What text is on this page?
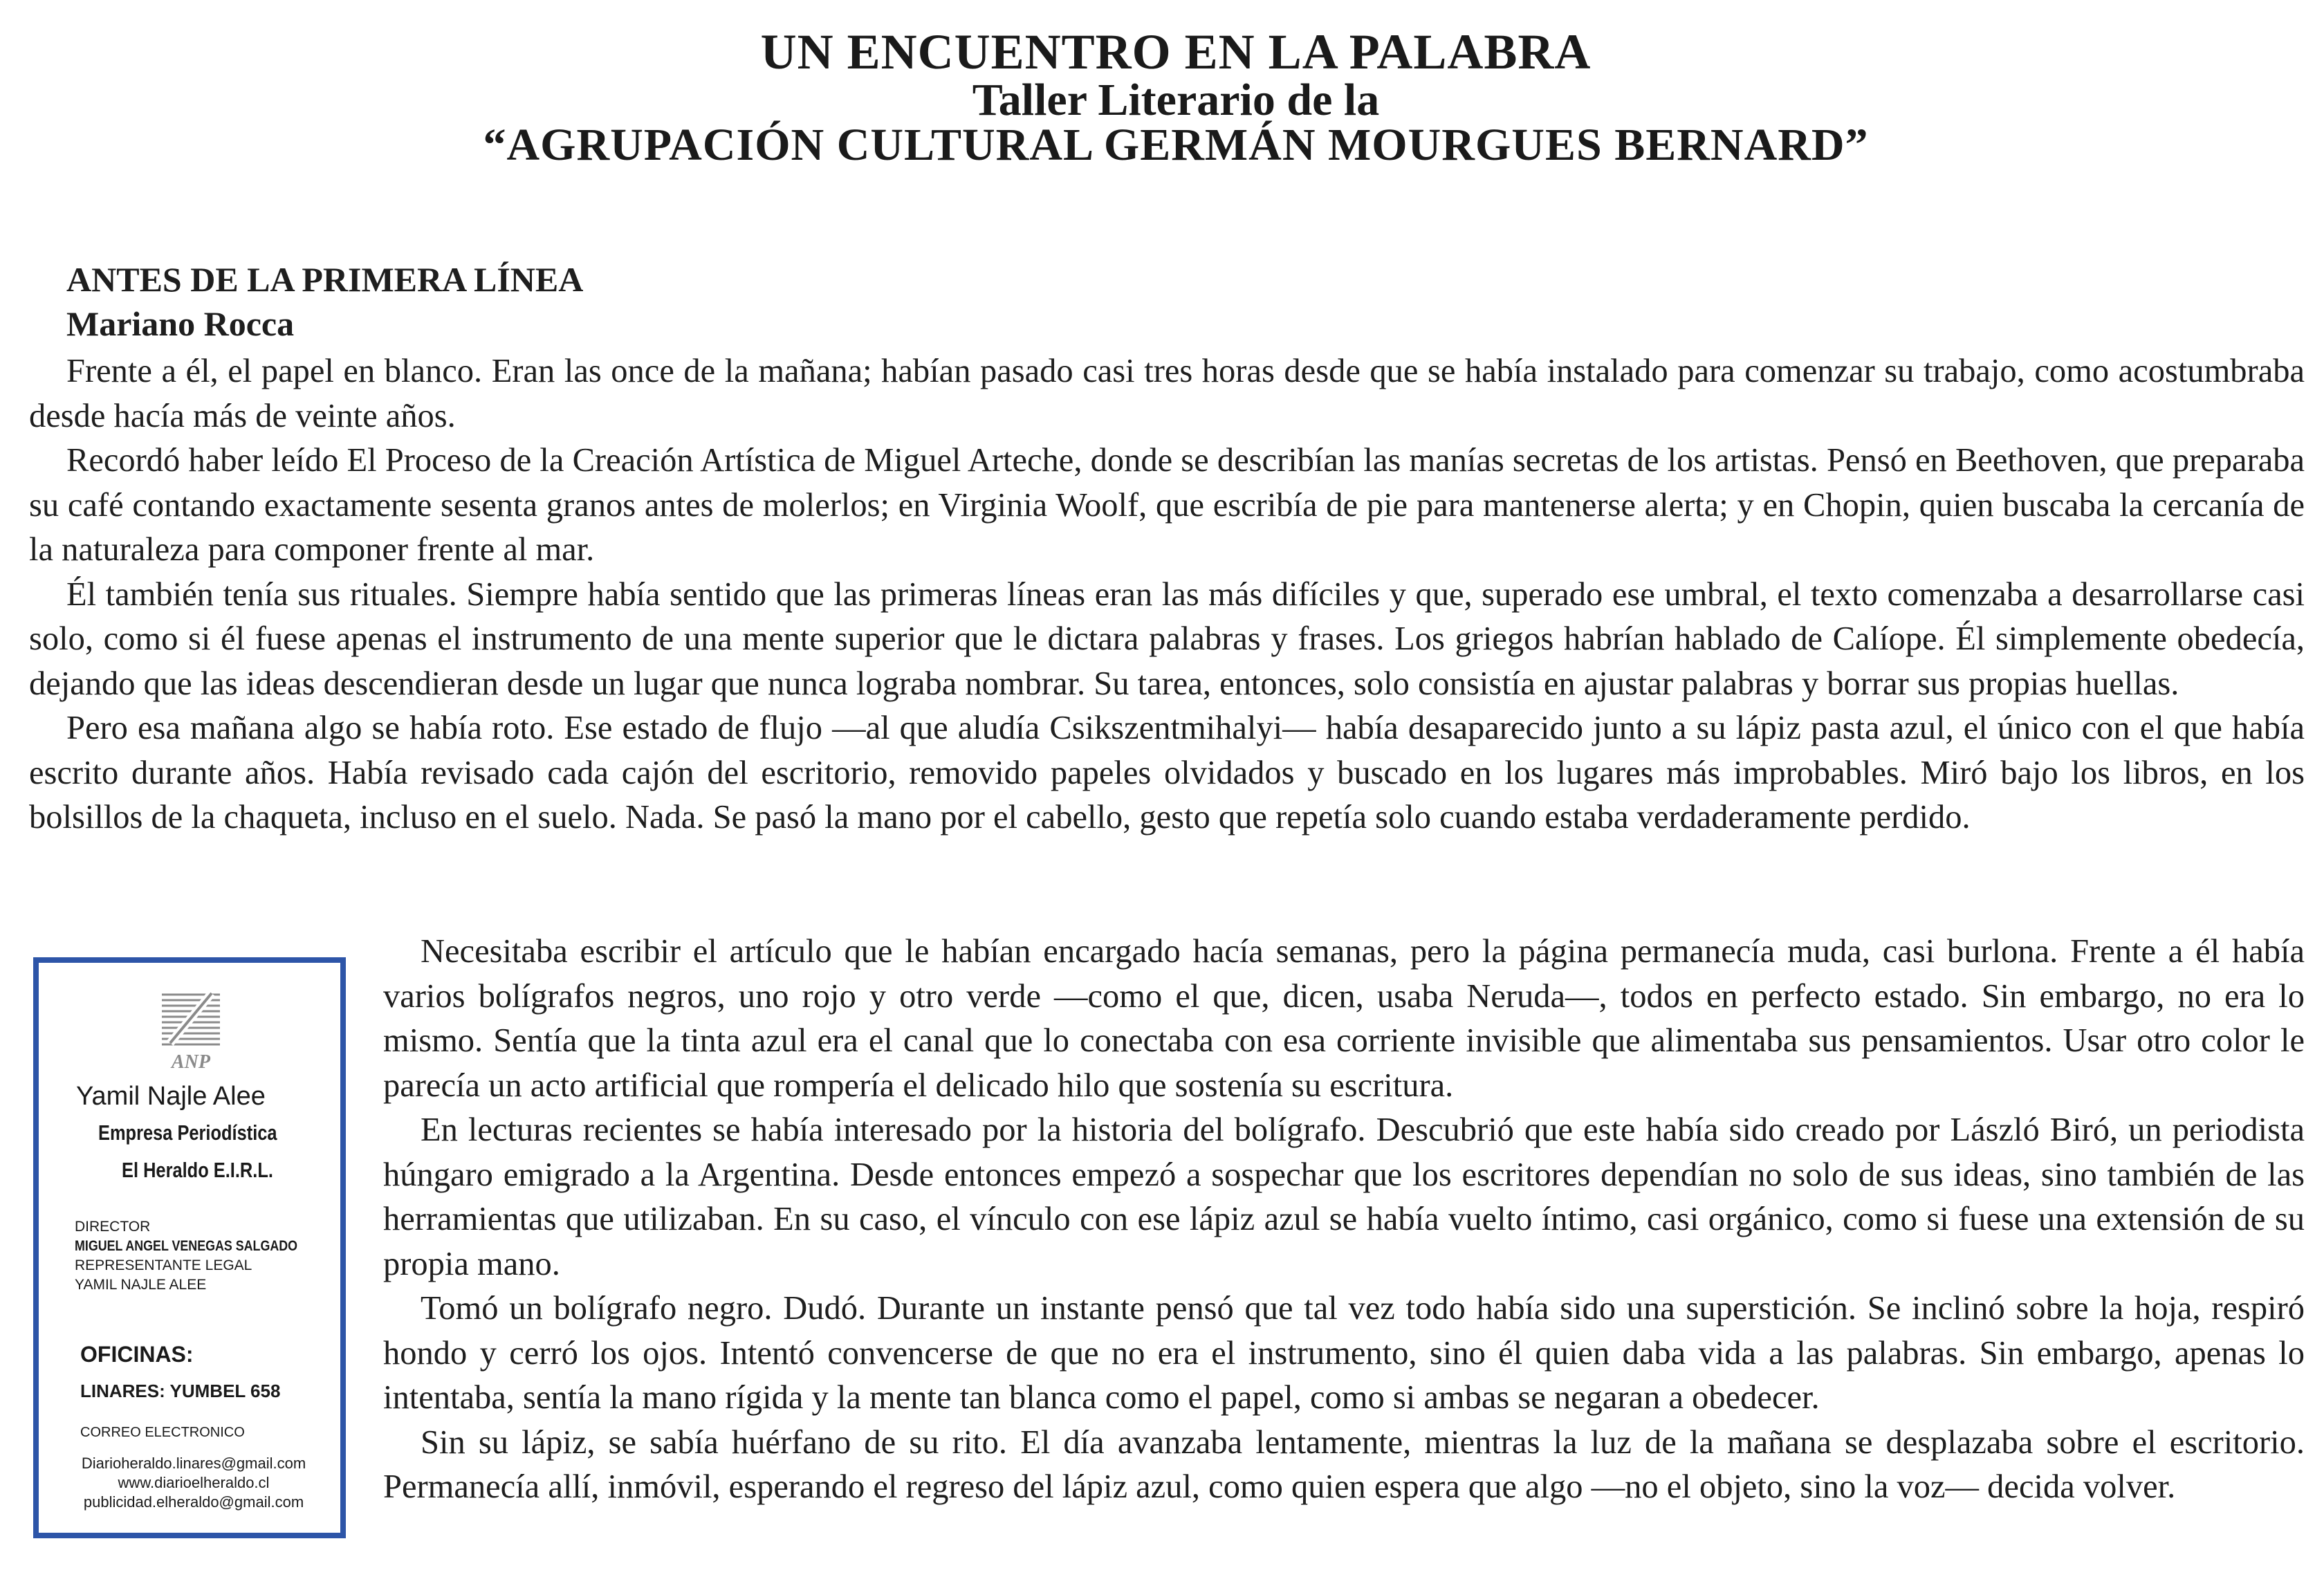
UN ENCUENTRO EN LA PALABRA
Taller Literario de la
“AGRUPACIÓN CULTURAL GERMÁN MOURGUES BERNARD”
ANTES DE LA PRIMERA LÍNEA
Mariano Rocca

Frente a él, el papel en blanco. Eran las once de la mañana; habían pasado casi tres horas desde que se había instalado para comenzar su trabajo, como acostumbraba desde hacía más de veinte años.

Recordó haber leído El Proceso de la Creación Artística de Miguel Arteche, donde se describían las manías secretas de los artistas. Pensó en Beethoven, que preparaba su café contando exactamente sesenta granos antes de molerlos; en Virginia Woolf, que escribía de pie para mantenerse alerta; y en Chopin, quien buscaba la cercanía de la naturaleza para componer frente al mar.

Él también tenía sus rituales. Siempre había sentido que las primeras líneas eran las más difíciles y que, superado ese umbral, el texto comenzaba a desarrollarse casi solo, como si él fuese apenas el instrumento de una mente superior que le dictara palabras y frases. Los griegos habrían hablado de Calíope. Él simplemente obedecía, dejando que las ideas descendieran desde un lugar que nunca lograba nombrar. Su tarea, entonces, solo consistía en ajustar palabras y borrar sus propias huellas.

Pero esa mañana algo se había roto. Ese estado de flujo —al que aludía Csikszentmihalyi— había desaparecido junto a su lápiz pasta azul, el único con el que había escrito durante años. Había revisado cada cajón del escritorio, removido papeles olvidados y buscado en los lugares más improbables. Miró bajo los libros, en los bolsillos de la chaqueta, incluso en el suelo. Nada. Se pasó la mano por el cabello, gesto que repetía solo cuando estaba verdaderamente perdido.

ANP
Yamil Najle Alee
Empresa Periodística
El Heraldo E.I.R.L.
DIRECTOR
MIGUEL ANGEL VENEGAS SALGADO
REPRESENTANTE LEGAL
YAMIL NAJLE ALEE
OFICINAS:
LINARES: YUMBEL 658
CORREO ELECTRONICO
Diarioheraldo.linares@gmail.com
www.diarioelheraldo.cl
publicidad.elheraldo@gmail.com

Necesitaba escribir el artículo que le habían encargado hacía semanas, pero la página permanecía muda, casi burlona. Frente a él había varios bolígrafos negros, uno rojo y otro verde —como el que, dicen, usaba Neruda—, todos en perfecto estado. Sin embargo, no era lo mismo. Sentía que la tinta azul era el canal que lo conectaba con esa corriente invisible que alimentaba sus pensamientos. Usar otro color le parecía un acto artificial que rompería el delicado hilo que sostenía su escritura.

En lecturas recientes se había interesado por la historia del bolígrafo. Descubrió que este había sido creado por László Biró, un periodista húngaro emigrado a la Argentina. Desde entonces empezó a sospechar que los escritores dependían no solo de sus ideas, sino también de las herramientas que utilizaban. En su caso, el vínculo con ese lápiz azul se había vuelto íntimo, casi orgánico, como si fuese una extensión de su propia mano.

Tomó un bolígrafo negro. Dudó. Durante un instante pensó que tal vez todo había sido una superstición. Se inclinó sobre la hoja, respiró hondo y cerró los ojos. Intentó convencerse de que no era el instrumento, sino él quien daba vida a las palabras. Sin embargo, apenas lo intentaba, sentía la mano rígida y la mente tan blanca como el papel, como si ambas se negaran a obedecer.

Sin su lápiz, se sabía huérfano de su rito. El día avanzaba lentamente, mientras la luz de la mañana se desplazaba sobre el escritorio. Permanecía allí, inmóvil, esperando el regreso del lápiz azul, como quien espera que algo —no el objeto, sino la voz— decida volver.
